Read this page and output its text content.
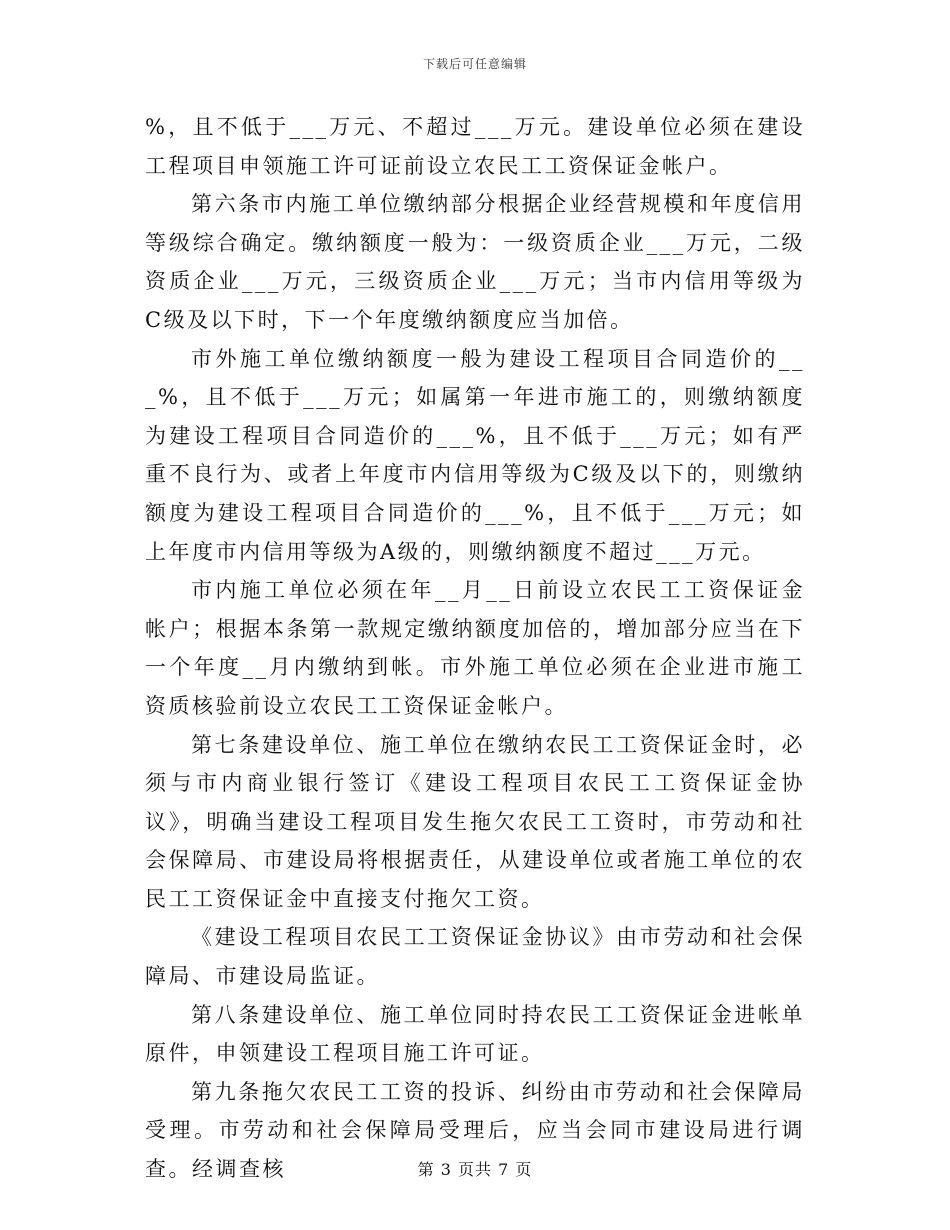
下载后可任意编辑

%，且不低于___万元、不超过___万元。建设单位必须在建设工程项目申领施工许可证前设立农民工工资保证金帐户。

第六条市内施工单位缴纳部分根据企业经营规模和年度信用等级综合确定。缴纳额度一般为：一级资质企业___万元，二级资质企业___万元，三级资质企业___万元；当市内信用等级为C级及以下时，下一个年度缴纳额度应当加倍。

市外施工单位缴纳额度一般为建设工程项目合同造价的___%，且不低于___万元；如属第一年进市施工的，则缴纳额度为建设工程项目合同造价的___%，且不低于___万元；如有严重不良行为、或者上年度市内信用等级为C级及以下的，则缴纳额度为建设工程项目合同造价的___%，且不低于___万元；如上年度市内信用等级为A级的，则缴纳额度不超过___万元。

市内施工单位必须在年__月__日前设立农民工工资保证金帐户；根据本条第一款规定缴纳额度加倍的，增加部分应当在下一个年度__月内缴纳到帐。市外施工单位必须在企业进市施工资质核验前设立农民工工资保证金帐户。

第七条建设单位、施工单位在缴纳农民工工资保证金时，必须与市内商业银行签订《建设工程项目农民工工资保证金协议》，明确当建设工程项目发生拖欠农民工工资时，市劳动和社会保障局、市建设局将根据责任，从建设单位或者施工单位的农民工工资保证金中直接支付拖欠工资。

《建设工程项目农民工工资保证金协议》由市劳动和社会保障局、市建设局监证。

第八条建设单位、施工单位同时持农民工工资保证金进帐单原件，申领建设工程项目施工许可证。

第九条拖欠农民工工资的投诉、纠纷由市劳动和社会保障局受理。市劳动和社会保障局受理后，应当会同市建设局进行调查。经调查核	第 3 页共 7 页
